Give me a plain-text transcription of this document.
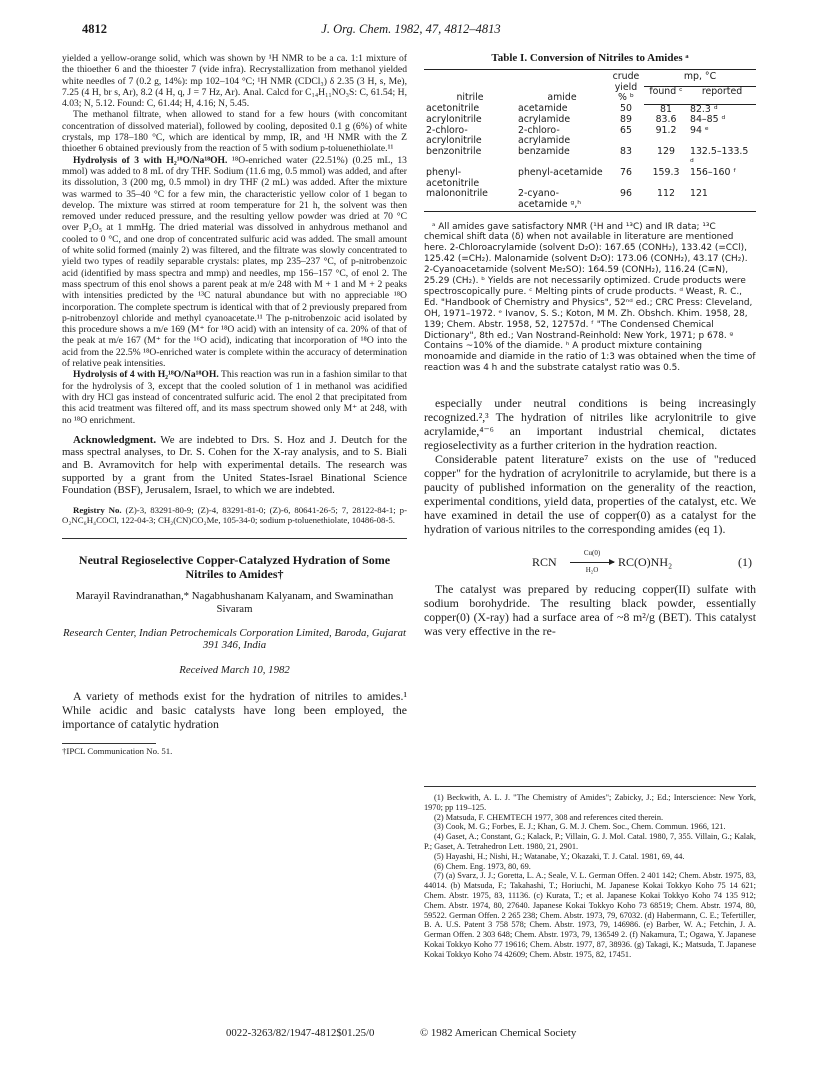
4812	J. Org. Chem. 1982, 47, 4812–4813

yielded a yellow-orange solid, which was shown by ¹H NMR to be a ca. 1:1 mixture of the thioether 6 and the thioester 7 (vide infra). Recrystallization from methanol yielded white needles of 7 (0.2 g, 14%): mp 102–104 °C; ¹H NMR (CDCl₃) δ 2.35 (3 H, s, Me), 7.25 (4 H, br s, Ar), 8.2 (4 H, q, J = 7 Hz, Ar). Anal. Calcd for C₁₄H₁₁NO₃S: C, 61.54; H, 4.03; N, 5.12. Found: C, 61.44; H, 4.16; N, 5.45.

The methanol filtrate, when allowed to stand for a few hours (with concomitant concentration of dissolved material), followed by cooling, deposited 0.1 g (6%) of white crystals, mp 178–180 °C, which are identical by mmp, IR, and ¹H NMR with the Z thioether 6 obtained previously from the reaction of 5 with sodium p-toluenethiolate.¹¹

Hydrolysis of 3 with H₂¹⁸O/Na¹⁸OH. ¹⁸O-enriched water (22.51%) (0.25 mL, 13 mmol) was added to 8 mL of dry THF. Sodium (11.6 mg, 0.5 mmol) was added, and after its dissolution, 3 (200 mg, 0.5 mmol) in dry THF (2 mL) was added. After the mixture was warmed to 35–40 °C for a few min, the characteristic yellow color of 1 began to develop. The mixture was stirred at room temperature for 21 h, the solvent was then removed under reduced pressure, and the resulting yellow powder was dried at 70 °C over P₂O₅ at 1 mmHg. The dried material was dissolved in anhydrous methanol and cooled to 0 °C, and one drop of concentrated sulfuric acid was added. The small amount of white solid formed (mainly 2) was filtered, and the filtrate was slowly concentrated to yield two types of readily separable crystals: plates, mp 235–237 °C, of p-nitrobenzoic acid (identified by mass spectra and mmp) and needles, mp 156–157 °C, of enol 2. The mass spectrum of this enol shows a parent peak at m/e 248 with M + 1 and M + 2 peaks with intensities predicted by the ¹³C natural abundance but with no appreciable ¹⁸O incorporation. The complete spectrum is identical with that of 2 previously prepared from p-nitrobenzoyl chloride and methyl cyanoacetate.¹¹ The p-nitrobenzoic acid isolated by this procedure shows a m/e 169 (M⁺ for ¹⁸O acid) with an intensity of ca. 20% of that of the peak at m/e 167 (M⁺ for the ¹⁶O acid), indicating that incorporation of ¹⁸O into the acid from the 22.5% ¹⁸O-enriched water is complete within the accuracy of determination of relative peak intensities.

Hydrolysis of 4 with H₂¹⁸O/Na¹⁸OH. This reaction was run in a fashion similar to that for the hydrolysis of 3, except that the cooled solution of 1 in methanol was acidified with dry HCl gas instead of concentrated sulfuric acid. The enol 2 that precipitated from this acid treatment was filtered off, and its mass spectrum showed only M⁺ at 248, with no ¹⁸O enrichment.

Acknowledgment. We are indebted to Drs. S. Hoz and J. Deutch for the mass spectral analyses, to Dr. S. Cohen for the X-ray analysis, and to S. Biali and B. Avramovitch for help with experimental details. The research was supported by a grant from the United States-Israel Binational Science Foundation (BSF), Jerusalem, Israel, to which we are indebted.

Registry No. (Z)-3, 83291-80-9; (Z)-4, 83291-81-0; (Z)-6, 80641-26-5; 7, 28122-84-1; p-O₂NC₆H₄COCl, 122-04-3; CH₂(CN)CO₂Me, 105-34-0; sodium p-toluenethiolate, 10486-08-5.

Neutral Regioselective Copper-Catalyzed Hydration of Some Nitriles to Amides†
Marayil Ravindranathan,* Nagabhushanam Kalyanam, and Swaminathan Sivaram
Research Center, Indian Petrochemicals Corporation Limited, Baroda, Gujarat 391 346, India
Received March 10, 1982

A variety of methods exist for the hydration of nitriles to amides.¹ While acidic and basic catalysts have long been employed, the importance of catalytic hydration

†IPCL Communication No. 51.
Table I. Conversion of Nitriles to Amides ᵃ
nitrile	amide	crude yield % ᵇ	mp, °C	
			found ᶜ	reported
acetonitrile	acetamide	50	81	82.3 ᵈ
acrylonitrile	acrylamide	89	83.6	84–85 ᵈ
2-chloro-acrylonitrile	2-chloro-acrylamide	65	91.2	94 ᵉ
benzonitrile	benzamide	83	129	132.5–133.5 ᵈ
phenyl-acetonitrile	phenyl-acetamide	76	159.3	156–160 ᶠ
malononitrile	2-cyano-acetamide ᵍ,ʰ	96	112	121

ᵃ All amides gave satisfactory NMR (¹H and ¹³C) and IR data; ¹³C chemical shift data (δ) when not available in literature are mentioned here. 2-Chloroacrylamide (solvent D₂O): 167.65 (CONH₂), 133.42 (=CCl), 125.42 (=CH₂). Malonamide (solvent D₂O): 173.06 (CONH₂), 43.17 (CH₂). 2-Cyanoacetamide (solvent Me₂SO): 164.59 (CONH₂), 116.24 (C≡N), 25.29 (CH₂). ᵇ Yields are not necessarily optimized. Crude products were spectroscopically pure. ᶜ Melting pints of crude products. ᵈ Weast, R. C., Ed. "Handbook of Chemistry and Physics", 52ⁿᵈ ed.; CRC Press: Cleveland, OH, 1971–1972. ᵉ Ivanov, S. S.; Koton, M M. Zh. Obshch. Khim. 1958, 28, 139; Chem. Abstr. 1958, 52, 12757d. ᶠ "The Condensed Chemical Dictionary", 8th ed.; Van Nostrand-Reinhold: New York, 1971; p 678. ᵍ Contains ~10% of the diamide. ʰ A product mixture containing monoamide and diamide in the ratio of 1:3 was obtained when the time of reaction was 4 h and the substrate catalyst ratio was 0.5.

especially under neutral conditions is being increasingly recognized.²,³ The hydration of nitriles like acrylonitrile to give acrylamide,⁴⁻⁶ an important industrial chemical, dictates regioselectivity as a further criterion in the hydration reaction.

Considerable patent literature⁷ exists on the use of "reduced copper" for the hydration of acrylonitrile to acrylamide, but there is a paucity of published information on the generality of the reaction, experimental conditions, yield data, properties of the catalyst, etc. We have examined in detail the use of copper(0) as a catalyst for the hydration of various nitriles to the corresponding amides (eq 1).

RCN
Cu(0)
H₂O
RC(O)NH₂	(1)

The catalyst was prepared by reducing copper(II) sulfate with sodium borohydride. The resulting black powder, essentially copper(0) (X-ray) had a surface area of ~8 m²/g (BET). This catalyst was very effective in the re-

(1) Beckwith, A. L. J. "The Chemistry of Amides"; Zabicky, J.; Ed.; Interscience: New York, 1970; pp 119–125.

(2) Matsuda, F. CHEMTECH 1977, 308 and references cited therein.

(3) Cook, M. G.; Forbes, E. J.; Khan, G. M. J. Chem. Soc., Chem. Commun. 1966, 121.

(4) Gaset, A.; Constant, G.; Kalack, P.; Villain, G. J. Mol. Catal. 1980, 7, 355. Villain, G.; Kalak, P.; Gaset, A. Tetrahedron Lett. 1980, 21, 2901.

(5) Hayashi, H.; Nishi, H.; Watanabe, Y.; Okazaki, T. J. Catal. 1981, 69, 44.

(6) Chem. Eng. 1973, 80, 69.

(7) (a) Svarz, J. J.; Goretta, L. A.; Seale, V. L. German Offen. 2 401 142; Chem. Abstr. 1975, 83, 44014. (b) Matsuda, F.; Takahashi, T.; Horiuchi, M. Japanese Kokai Tokkyo Koho 75 14 621; Chem. Abstr. 1975, 83, 11136. (c) Kurata, T.; et al. Japanese Kokai Tokkyo Koho 74 135 912; Chem. Abstr. 1974, 80, 27640. Japanese Kokai Tokkyo Koho 73 68519; Chem. Abstr. 1974, 80, 59522. German Offen. 2 265 238; Chem. Abstr. 1973, 79, 67032. (d) Habermann, C. E.; Tefertiller, B. A. U.S. Patent 3 758 578; Chem. Abstr. 1973, 79, 146986. (e) Barber, W. A.; Fetchin, J. A. German Offen. 2 303 648; Chem. Abstr. 1973, 79, 136549 2. (f) Nakamura, T.; Ogawa, Y. Japanese Kokai Tokkyo Koho 77 19616; Chem. Abstr. 1977, 87, 38936. (g) Takagi, K.; Matsuda, T. Japanese Kokai Tokkyo Koho 74 42609; Chem. Abstr. 1975, 82, 17451.

0022-3263/82/1947-4812$01.25/0	© 1982 American Chemical Society
